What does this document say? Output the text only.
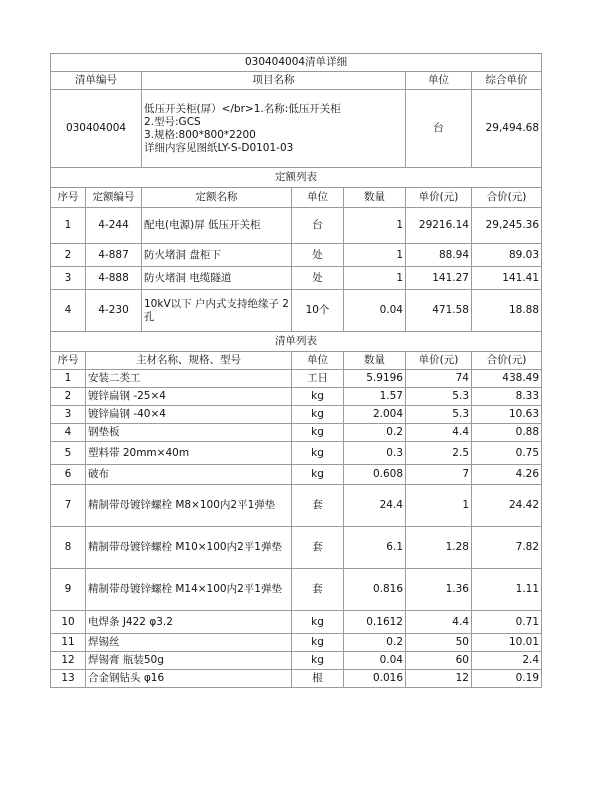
030404004清单详细						
清单编号		项目名称			单位	综合单价
030404004		低压开关柜(屏）</br>1.名称:低压开关柜
2.型号:GCS
3.规格:800*800*2200
详细内容见图纸LY-S-D0101-03			台	29,494.68
定额列表						
序号	定额编号	定额名称	单位	数量	单价(元)	合价(元)
1	4-244	配电(电源)屏 低压开关柜	台	1	29216.14	29,245.36
2	4-887	防火堵洞 盘柜下	处	1	88.94	89.03
3	4-888	防火堵洞 电缆隧道	处	1	141.27	141.41
4	4-230	10kV以下 户内式支持绝缘子 2孔	10个	0.04	471.58	18.88
清单列表						
序号	主材名称、规格、型号		单位	数量	单价(元)	合价(元)
1	安装二类工		工日	5.9196	74	438.49
2	镀锌扁钢 -25×4		kg	1.57	5.3	8.33
3	镀锌扁钢 -40×4		kg	2.004	5.3	10.63
4	钢垫板		kg	0.2	4.4	0.88
5	塑料带 20mm×40m		kg	0.3	2.5	0.75
6	破布		kg	0.608	7	4.26
7	精制带母镀锌螺栓 M8×100内2平1弹垫		套	24.4	1	24.42
8	精制带母镀锌螺栓 M10×100内2平1弹垫		套	6.1	1.28	7.82
9	精制带母镀锌螺栓 M14×100内2平1弹垫		套	0.816	1.36	1.11
10	电焊条 J422 φ3.2		kg	0.1612	4.4	0.71
11	焊锡丝		kg	0.2	50	10.01
12	焊锡膏 瓶装50g		kg	0.04	60	2.4
13	合金钢钻头 φ16		根	0.016	12	0.19
